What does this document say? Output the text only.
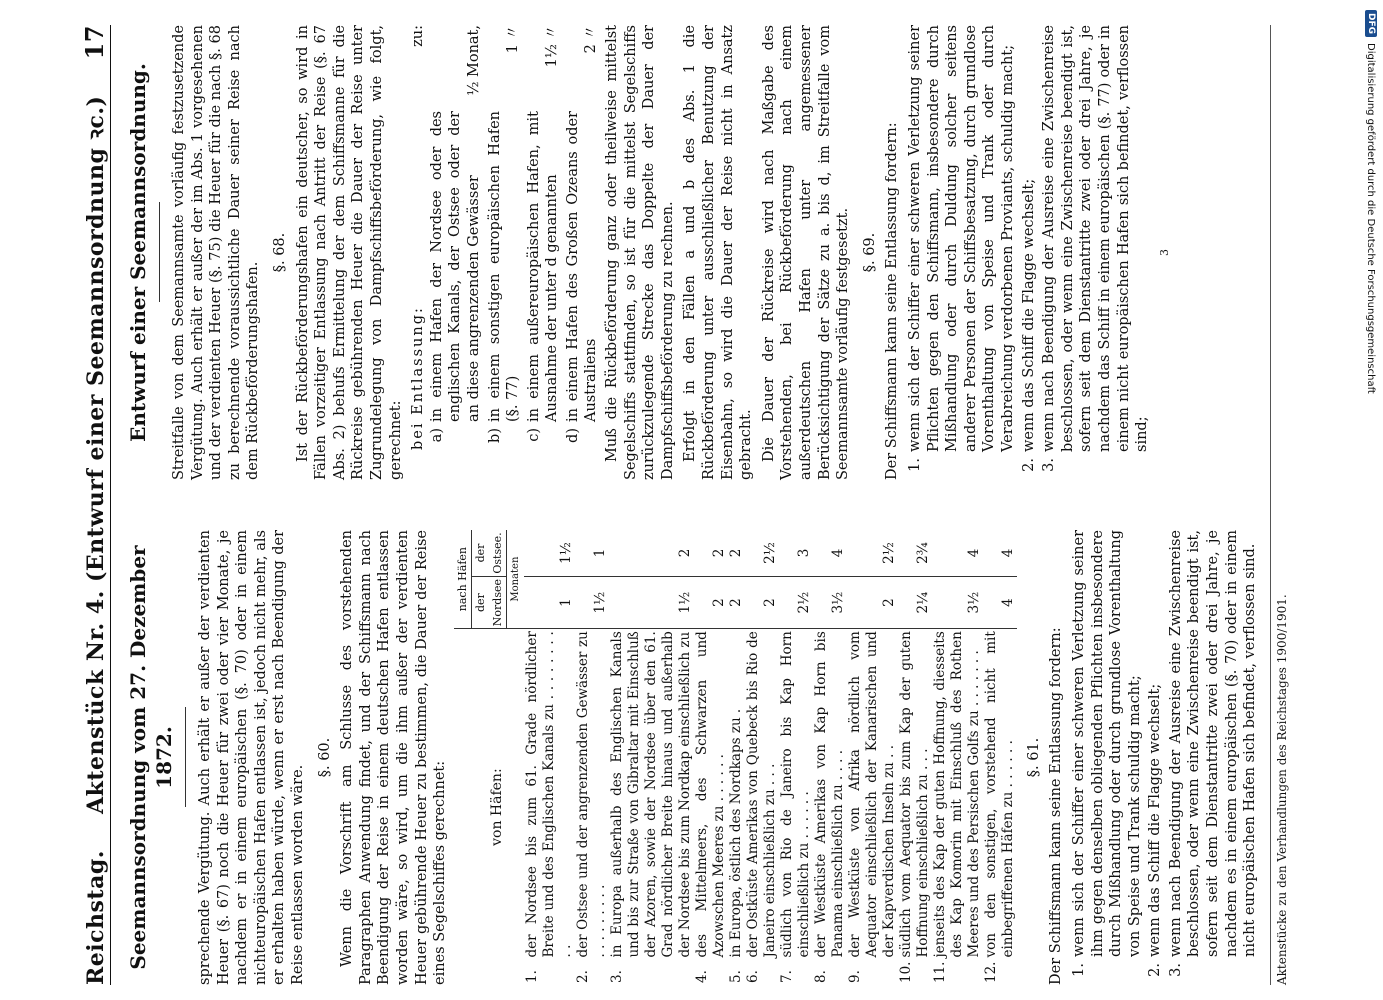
Reichstag.
Aktenstück Nr. 4. (Entwurf einer Seemannsordnung ꝛc.)
17
Seemannsordnung vom 27. Dezember 1872. sprechende Vergütung. Auch erhält er außer der verdienten Heuer (§. 67) noch die Heuer für zwei oder vier Monate, je nachdem er in einem europäischen (§. 70) oder in einem nichteuropäischen Hafen entlassen ist, jedoch nicht mehr, als er erhalten haben würde, wenn er erst nach Beendigung der Reise entlassen worden wäre.

§. 60. Wenn die Vorschrift am Schlusse des vorstehenden Paragraphen Anwendung findet, und der Schiffsmann nach Beendigung der Reise in einem deutschen Hafen entlassen worden wäre, so wird, um die ihm außer der verdienten Heuer gebührende Heuer zu bestimmen, die Dauer der Reise eines Segelschiffes gerechnet:	von Häfen:		nach Häfen	
		der Nordsee	der Ostsee.
		Monaten	
1.	der Nordsee bis zum 61. Grade nördlicher Breite und des Englischen Kanals zu . . . . . . . . . .	1	1½
2.	der Ostsee und der angrenzenden Gewässer zu . . . . . . . . .	1½	1
3.	in Europa außerhalb des Englischen Kanals und bis zur Straße von Gibraltar mit Einschluß der Azoren, sowie der Nordsee über den 61. Grad nördlicher Breite hinaus und außerhalb der Nordsee bis zum Nordkap einschließlich zu	1½	2
4.	des Mittelmeers, des Schwarzen und Azowschen Meeres zu . . . . . .	2	2
5.	in Europa, östlich des Nordkaps zu .	2	2
6.	der Ostküste Amerikas von Quebeck bis Rio de Janeiro einschließlich zu . . .	2	2½
7.	südlich von Rio de Janeiro bis Kap Horn einschließlich zu . . . . . .	2½	3
8.	der Westküste Amerikas von Kap Horn bis Panama einschließlich zu . . . .	3½	4
9.	der Westküste von Afrika nördlich vom Aequator einschließlich der Kanarischen und der Kapverdischen Inseln zu . .	2	2½
10.	südlich vom Aequator bis zum Kap der guten Hoffnung einschließlich zu . . .	2¼	2¾
11.	jenseits des Kap der guten Hoffnung, diesseits des Kap Komorin mit Einschluß des Rothen Meeres und des Persischen Golfs zu . . . . . . .	3½	4
12.	von den sonstigen, vorstehend nicht mit einbegriffenen Häfen zu . . . . . .	4	4
§. 61. Der Schiffsmann kann seine Entlassung fordern: 1.
wenn sich der Schiffer einer schweren Verletzung seiner ihm gegen denselben obliegenden Pflichten insbesondere durch Mißhandlung oder durch grundlose Vorenthaltung von Speise und Trank schuldig macht;
2.
wenn das Schiff die Flagge wechselt;
3.
wenn nach Beendigung der Ausreise eine Zwischenreise beschlossen, oder wenn eine Zwischenreise beendigt ist, sofern seit dem Dienstantritte zwei oder drei Jahre, je nachdem es in einem europäischen (§. 70) oder in einem nicht europäischen Hafen sich befindet, verflossen sind.
Entwurf einer Seemannsordnung. Streitfalle von dem Seemannsamte vorläufig festzusetzende Vergütung. Auch erhält er außer der im Abs. 1 vorgesehenen und der verdienten Heuer (§. 75) die Heuer für die nach §. 68 zu berechnende voraussichtliche Dauer seiner Reise nach dem Rückbeförderungshafen.

§. 68. Ist der Rückbeförderungshafen ein deutscher, so wird in Fällen vorzeitiger Entlassung nach Antritt der Reise (§. 67 Abs. 2) behufs Ermittelung der dem Schiffsmanne für die Rückreise gebührenden Heuer die Dauer der Reise unter Zugrundelegung von Dampfschiffsbeförderung, wie folgt, gerechnet: bei Entlassung:
zu:
a)
in einem Hafen der Nordsee oder des englischen Kanals, der Ostsee oder der an diese angrenzenden Gewässer
½ Monat,
b)
in einem sonstigen europäischen Hafen (§. 77)
1 〃
c)
in einem außereuropäischen Hafen, mit Ausnahme der unter d genannten
1½ 〃
d)
in einem Hafen des Großen Ozeans oder Australiens
2 〃 Muß die Rückbeförderung ganz oder theilweise mittelst Segelschiffs stattfinden, so ist für die mittelst Segelschiffs zurückzulegende Strecke das Doppelte der Dauer der Dampfschiffsbeförderung zu rechnen. Erfolgt in den Fällen a und b des Abs. 1 die Rückbeförderung unter ausschließlicher Benutzung der Eisenbahn, so wird die Dauer der Reise nicht in Ansatz gebracht. Die Dauer der Rückreise wird nach Maßgabe des Vorstehenden, bei Rückbeförderung nach einem außerdeutschen Hafen unter angemessener Berücksichtigung der Sätze zu a. bis d, im Streitfalle vom Seemannsamte vorläufig festgesetzt. §. 69. Der Schiffsmann kann seine Entlassung fordern: 1.
wenn sich der Schiffer einer schweren Verletzung seiner Pflichten gegen den Schiffsmann, insbesondere durch Mißhandlung oder durch Duldung solcher seitens anderer Personen der Schiffsbesatzung, durch grundlose Vorenthaltung von Speise und Trank oder durch Verabreichung verdorbenen Proviants, schuldig macht;
2.
wenn das Schiff die Flagge wechselt;
3.
wenn nach Beendigung der Ausreise eine Zwischenreise beschlossen, oder wenn eine Zwischenreise beendigt ist, sofern seit dem Dienstantritte zwei oder drei Jahre, je nachdem das Schiff in einem europäischen (§. 77) oder in einem nicht europäischen Hafen sich befindet, verflossen sind;
3
Aktenstücke zu den Verhandlungen des Reichstages 1900/1901.
DFG
Digitalisierung gefördert durch die Deutsche Forschungsgemeinschaft
